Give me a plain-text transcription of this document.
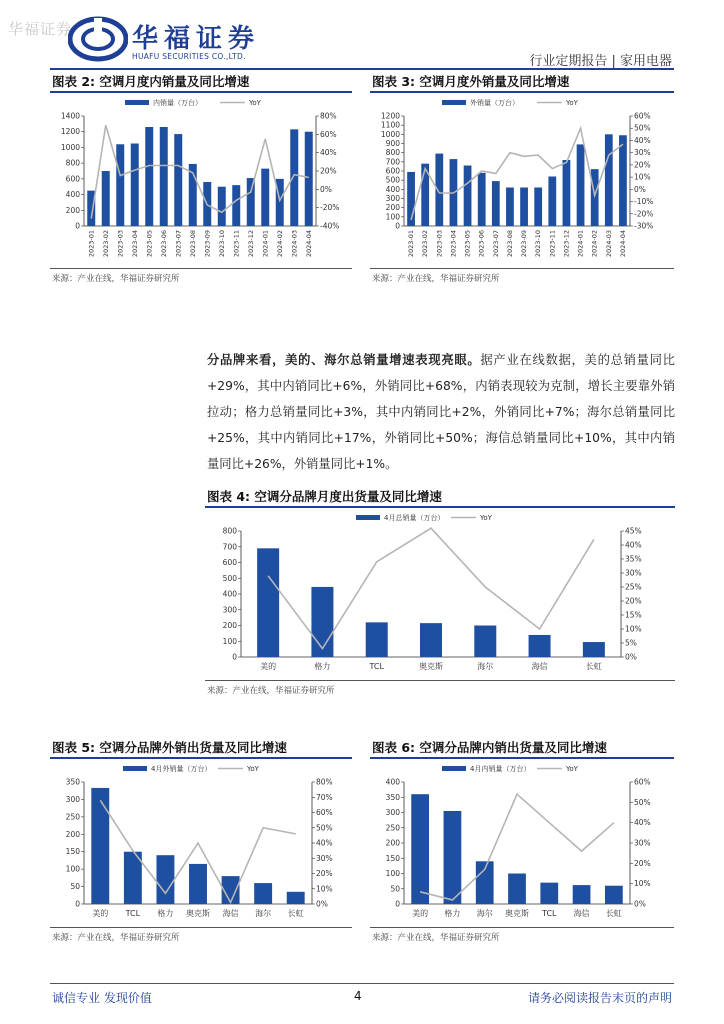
华福证券 华福证券
HUAFU SECURITIES CO.,LTD.	行业定期报告 | 家用电器
图表 2: 空调月度内销量及同比增速
0
200
400
600
800
1000
1200
1400
-40%
-20%
0%
20%
40%
60%
80%
2023-01 2023-02 2023-03 2023-04 2023-05 2023-06 2023-07 2023-08 2023-09 2023-10 2023-11 2023-12 2024-01 2024-02 2024-03 2024-04
内销量（万台）	YoY
来源：产业在线，华福证券研究所
图表 3: 空调月度外销量及同比增速
0
100
200
300
400
500
600
700
800
900
1000
1100
1200
-30%
-20%
-10%
0%
10%
20%
30%
40%
50%
60%
2023-01 2023-02 2023-03 2023-04 2023-05 2023-06 2023-07 2023-08 2023-09 2023-10 2023-11 2023-12 2024-01 2024-02 2024-03 2024-04
外销量（万台）	YoY
来源：产业在线，华福证券研究所
分品牌来看，美的、海尔总销量增速表现亮眼。据产业在线数据，美的总销量同比+29%，其中内销同比+6%，外销同比+68%，内销表现较为克制，增长主要靠外销拉动；格力总销量同比+3%，其中内销同比+2%，外销同比+7%；海尔总销量同比+25%，其中内销同比+17%，外销同比+50%；海信总销量同比+10%，其中内销量同比+26%，外销量同比+1%。
图表 4: 空调分品牌月度出货量及同比增速
0
100
200
300
400
500
600
700
800
0%
5%
10%
15%
20%
25%
30%
35%
40%
45%
美的	格力	TCL	奥克斯	海尔	海信	长虹
4月总销量（万台）	YoY
来源：产业在线，华福证券研究所
图表 5: 空调分品牌外销出货量及同比增速
0
50
100
150
200
250
300
350
0%
10%
20%
30%
40%
50%
60%
70%
80%
美的 TCL 格力 奥克斯 海信 海尔 长虹
4月外销量（万台）	YoY
来源：产业在线，华福证券研究所
图表 6: 空调分品牌内销出货量及同比增速
0
50
100
150
200
250
300
350
400
0%
10%
20%
30%
40%
50%
60%
美的 格力 海尔 奥克斯 TCL 海信 长虹
4月内销量（万台）	YoY
来源：产业在线，华福证券研究所
诚信专业 发现价值	4	请务必阅读报告末页的声明
